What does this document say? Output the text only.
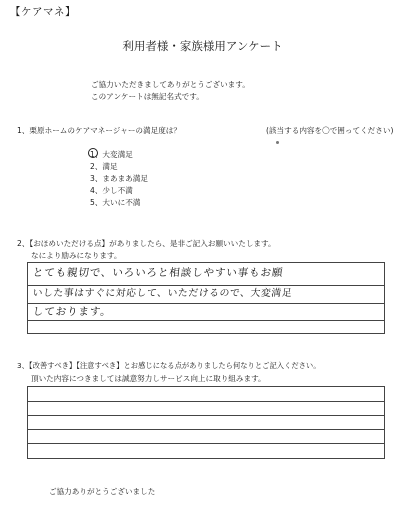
【ケアマネ】
利用者様・家族様用アンケート
ご協力いただきましてありがとうございます。
このアンケートは無記名式です。
1、栗原ホームのケアマネージャーの満足度は？	(該当する内容を〇で囲ってください)
1、大変満足
2、満足
3、まあまあ満足
4、少し不満
5、大いに不満
2、【おほめいただける点】がありましたら、是非ご記入お願いいたします。
なにより励みになります。
とても親切で、いろいろと相談しやすい事もお願
いした事はすぐに対応して、いただけるので、大変満足
しております。
3、【改善すべき】【注意すべき】とお感じになる点がありましたら何なりとご記入ください。
頂いた内容につきましては誠意努力しサービス向上に取り組みます。
ご協力ありがとうございました
